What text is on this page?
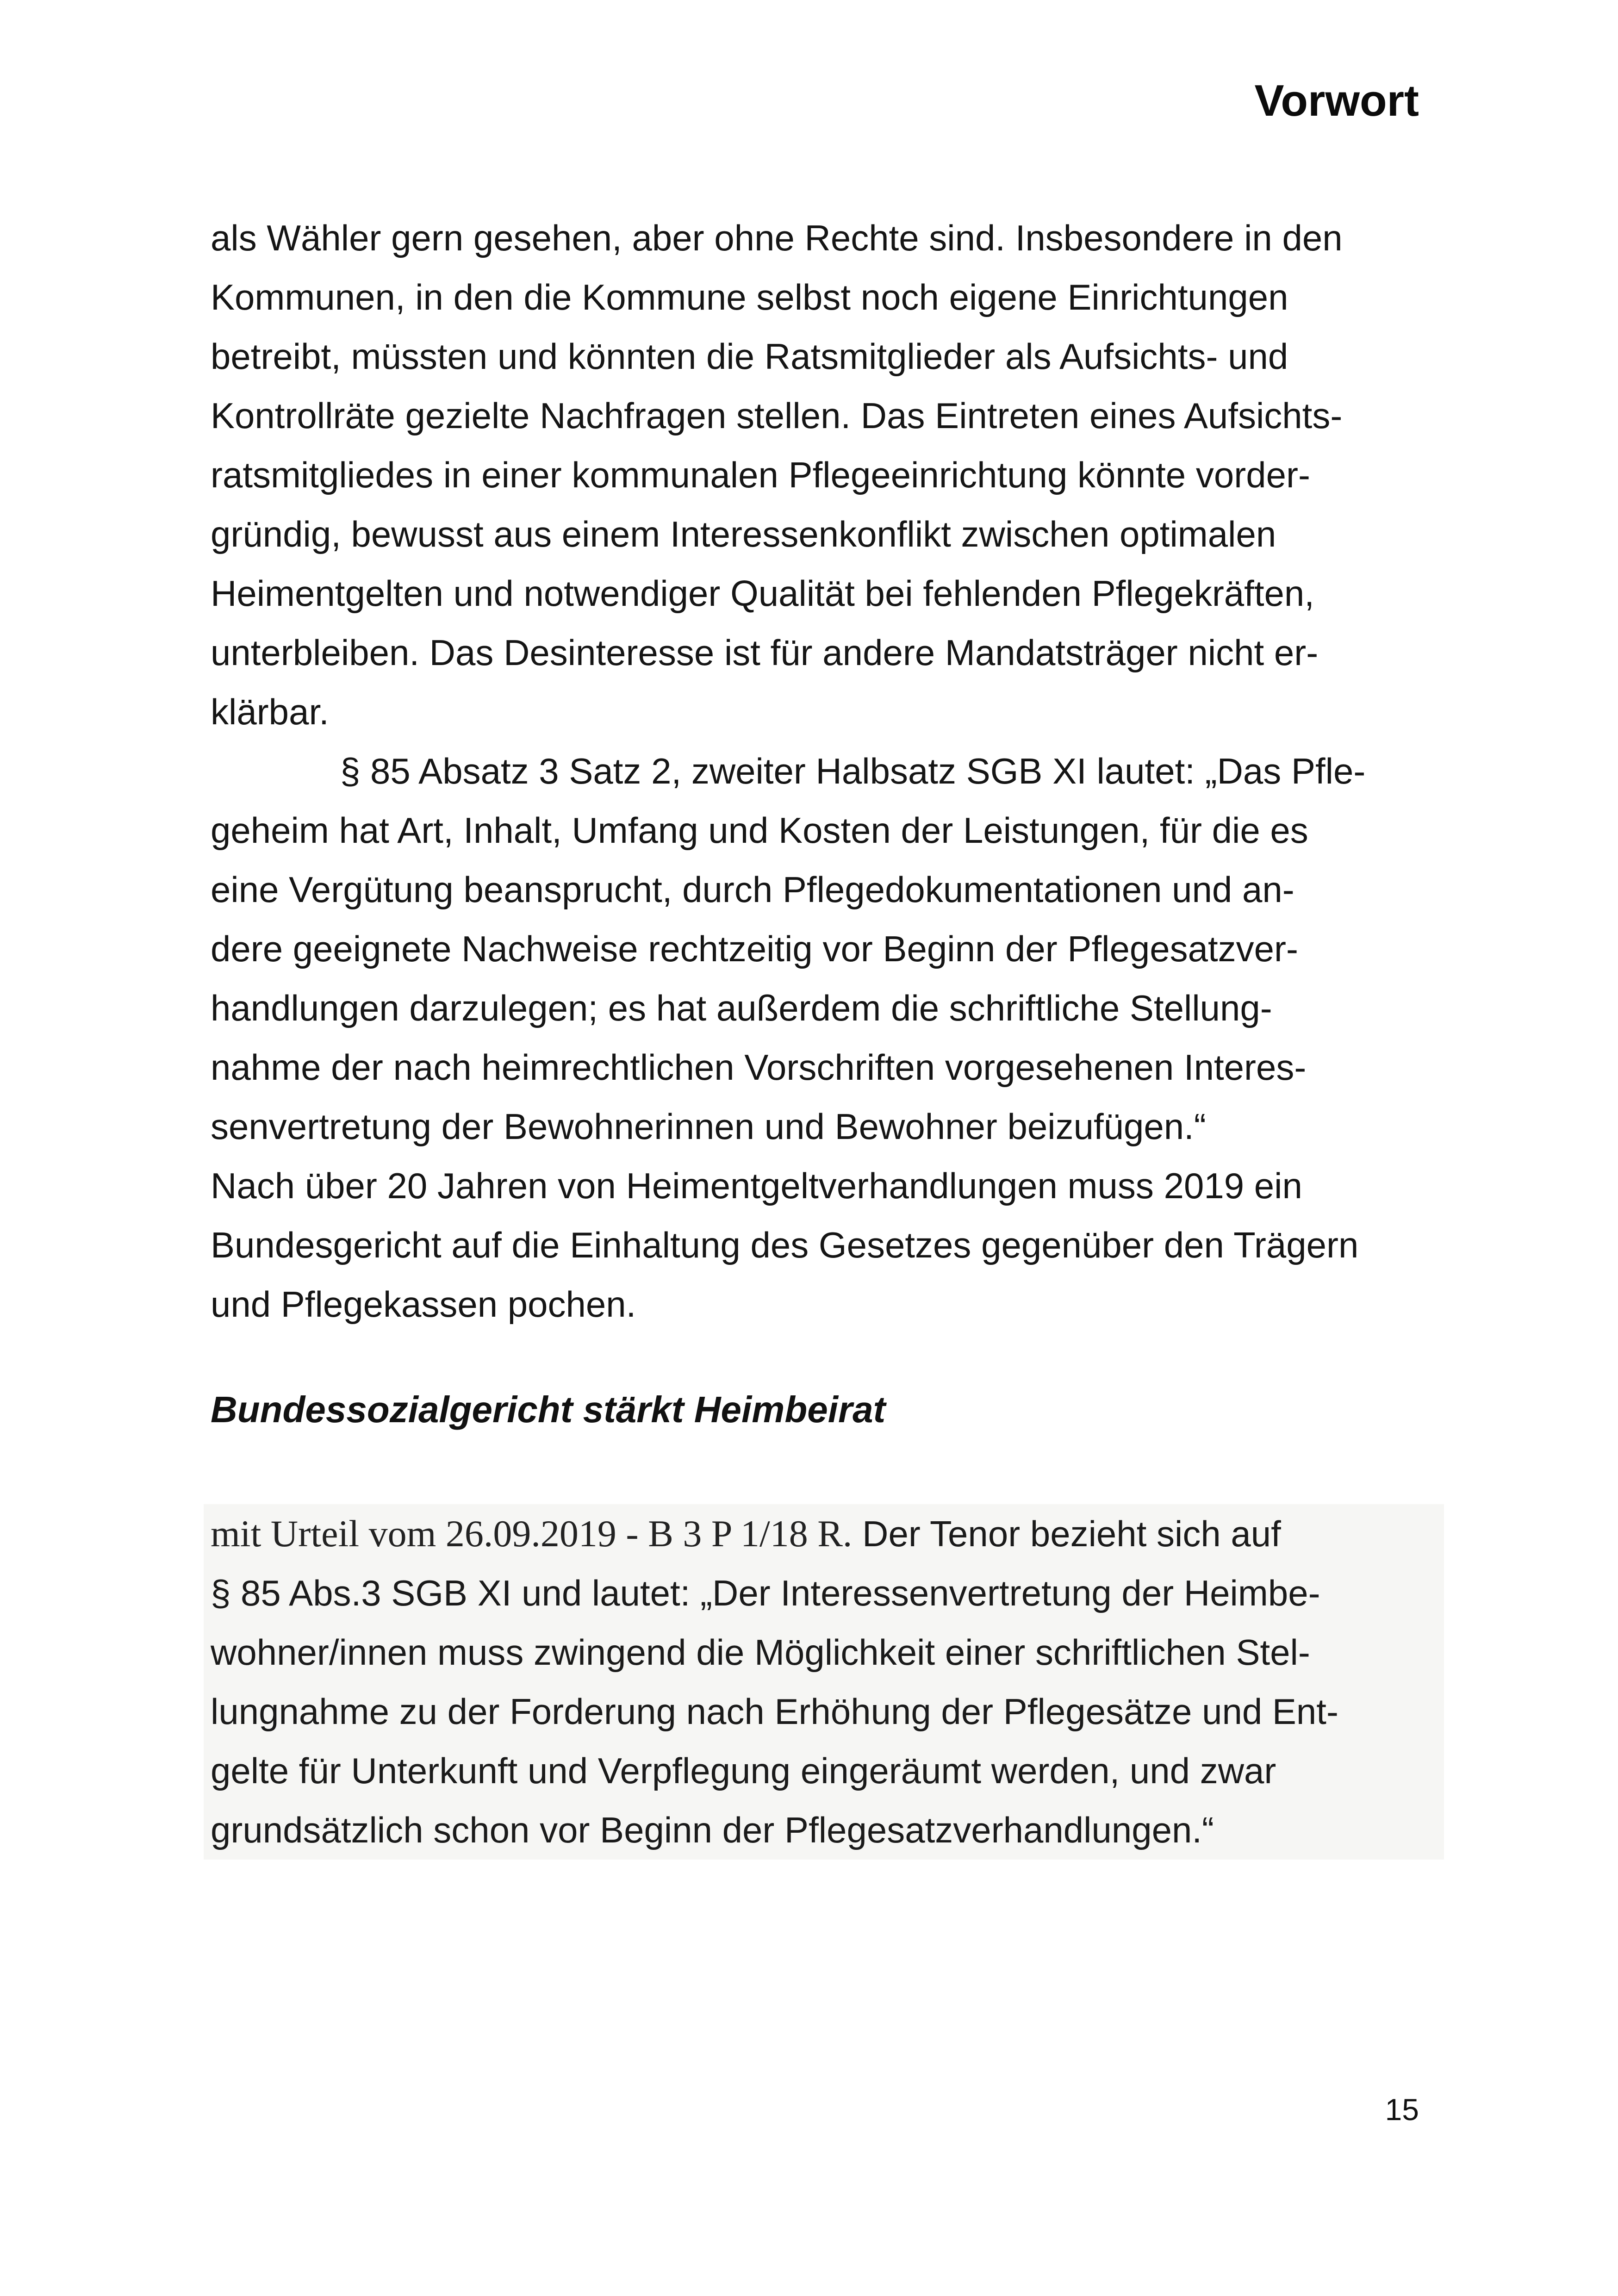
Vorwort
als Wähler gern gesehen, aber ohne Rechte sind. Insbesondere in den
Kommunen, in den die Kommune selbst noch eigene Einrichtungen
betreibt, müssten und könnten die Ratsmitglieder als Aufsichts- und
Kontrollräte gezielte Nachfragen stellen. Das Eintreten eines Aufsichts-
ratsmitgliedes in einer kommunalen Pflegeeinrichtung könnte vorder-
gründig, bewusst aus einem Interessenkonflikt zwischen optimalen
Heimentgelten und notwendiger Qualität bei fehlenden Pflegekräften,
unterbleiben. Das Desinteresse ist für andere Mandatsträger nicht er-
klärbar.
§ 85 Absatz 3 Satz 2, zweiter Halbsatz SGB XI lautet: „Das Pfle-
geheim hat Art, Inhalt, Umfang und Kosten der Leistungen, für die es
eine Vergütung beansprucht, durch Pflegedokumentationen und an-
dere geeignete Nachweise rechtzeitig vor Beginn der Pflegesatzver-
handlungen darzulegen; es hat außerdem die schriftliche Stellung-
nahme der nach heimrechtlichen Vorschriften vorgesehenen Interes-
senvertretung der Bewohnerinnen und Bewohner beizufügen.“
Nach über 20 Jahren von Heimentgeltverhandlungen muss 2019 ein
Bundesgericht auf die Einhaltung des Gesetzes gegenüber den Trägern
und Pflegekassen pochen.
Bundessozialgericht stärkt Heimbeirat
mit Urteil vom 26.09.2019 - B 3 P 1/18 R. Der Tenor bezieht sich auf
§ 85 Abs.3 SGB XI und lautet: „Der Interessenvertretung der Heimbe-
wohner/innen muss zwingend die Möglichkeit einer schriftlichen Stel-
lungnahme zu der Forderung nach Erhöhung der Pflegesätze und Ent-
gelte für Unterkunft und Verpflegung eingeräumt werden, und zwar
grundsätzlich schon vor Beginn der Pflegesatzverhandlungen.“
15
